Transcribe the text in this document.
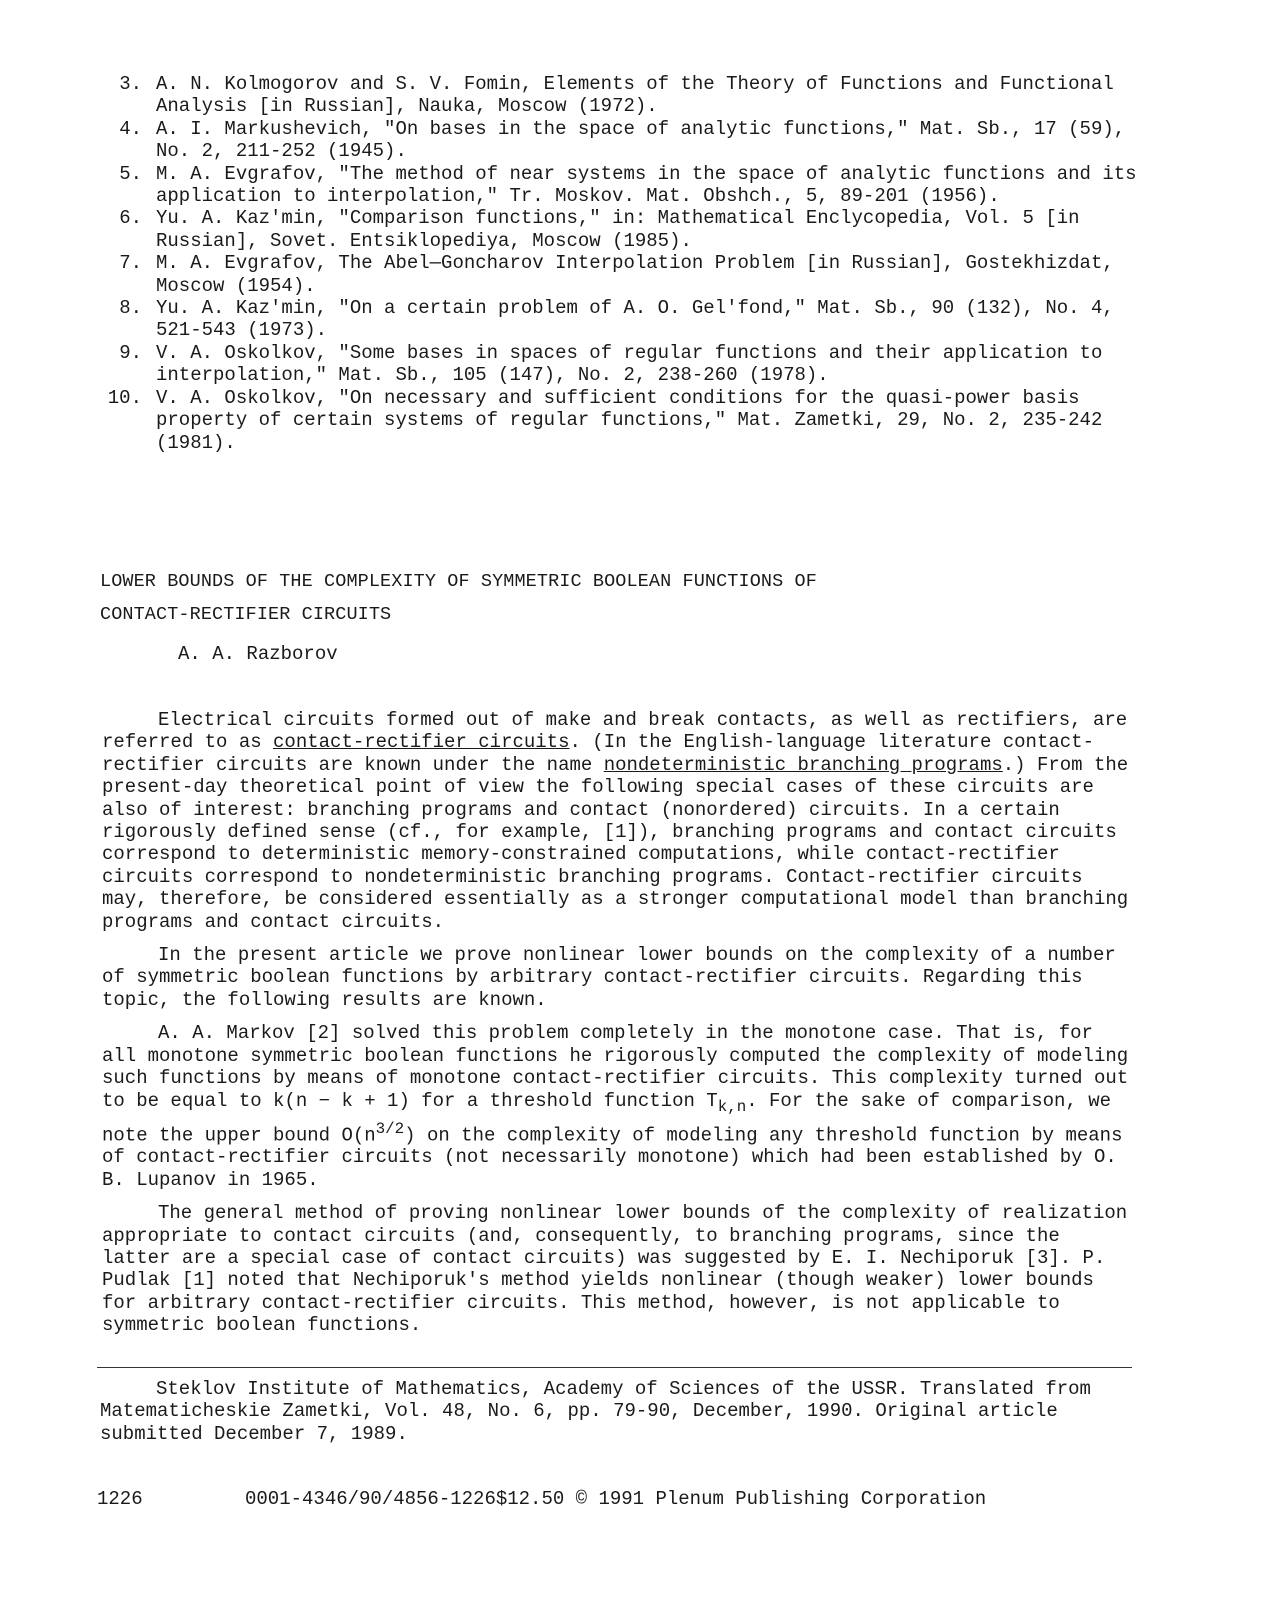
3. A. N. Kolmogorov and S. V. Fomin, Elements of the Theory of Functions and Functional Analysis [in Russian], Nauka, Moscow (1972).
4. A. I. Markushevich, "On bases in the space of analytic functions," Mat. Sb., 17 (59), No. 2, 211-252 (1945).
5. M. A. Evgrafov, "The method of near systems in the space of analytic functions and its application to interpolation," Tr. Moskov. Mat. Obshch., 5, 89-201 (1956).
6. Yu. A. Kaz'min, "Comparison functions," in: Mathematical Enclycopedia, Vol. 5 [in Russian], Sovet. Entsiklopediya, Moscow (1985).
7. M. A. Evgrafov, The Abel—Goncharov Interpolation Problem [in Russian], Gostekhizdat, Moscow (1954).
8. Yu. A. Kaz'min, "On a certain problem of A. O. Gel'fond," Mat. Sb., 90 (132), No. 4, 521-543 (1973).
9. V. A. Oskolkov, "Some bases in spaces of regular functions and their application to interpolation," Mat. Sb., 105 (147), No. 2, 238-260 (1978).
10. V. A. Oskolkov, "On necessary and sufficient conditions for the quasi-power basis property of certain systems of regular functions," Mat. Zametki, 29, No. 2, 235-242 (1981).
LOWER BOUNDS OF THE COMPLEXITY OF SYMMETRIC BOOLEAN FUNCTIONS OF
CONTACT-RECTIFIER CIRCUITS
A. A. Razborov

Electrical circuits formed out of make and break contacts, as well as rectifiers, are referred to as contact-rectifier circuits. (In the English-language literature contact-rectifier circuits are known under the name nondeterministic branching programs.) From the present-day theoretical point of view the following special cases of these circuits are also of interest: branching programs and contact (nonordered) circuits. In a certain rigorously defined sense (cf., for example, [1]), branching programs and contact circuits correspond to deterministic memory-constrained computations, while contact-rectifier circuits correspond to nondeterministic branching programs. Contact-rectifier circuits may, therefore, be considered essentially as a stronger computational model than branching programs and contact circuits.

In the present article we prove nonlinear lower bounds on the complexity of a number of symmetric boolean functions by arbitrary contact-rectifier circuits. Regarding this topic, the following results are known.

A. A. Markov [2] solved this problem completely in the monotone case. That is, for all monotone symmetric boolean functions he rigorously computed the complexity of modeling such functions by means of monotone contact-rectifier circuits. This complexity turned out to be equal to k(n − k + 1) for a threshold function $T_{k,n}$. For the sake of comparison, we note the upper bound $O(n^{3/2})$ on the complexity of modeling any threshold function by means of contact-rectifier circuits (not necessarily monotone) which had been established by O. B. Lupanov in 1965.

The general method of proving nonlinear lower bounds of the complexity of realization appropriate to contact circuits (and, consequently, to branching programs, since the latter are a special case of contact circuits) was suggested by E. I. Nechiporuk [3]. P. Pudlak [1] noted that Nechiporuk's method yields nonlinear (though weaker) lower bounds for arbitrary contact-rectifier circuits. This method, however, is not applicable to symmetric boolean functions.

Steklov Institute of Mathematics, Academy of Sciences of the USSR. Translated from Matematicheskie Zametki, Vol. 48, No. 6, pp. 79-90, December, 1990. Original article submitted December 7, 1989.
1226	0001-4346/90/4856-1226$12.50 © 1991 Plenum Publishing Corporation
